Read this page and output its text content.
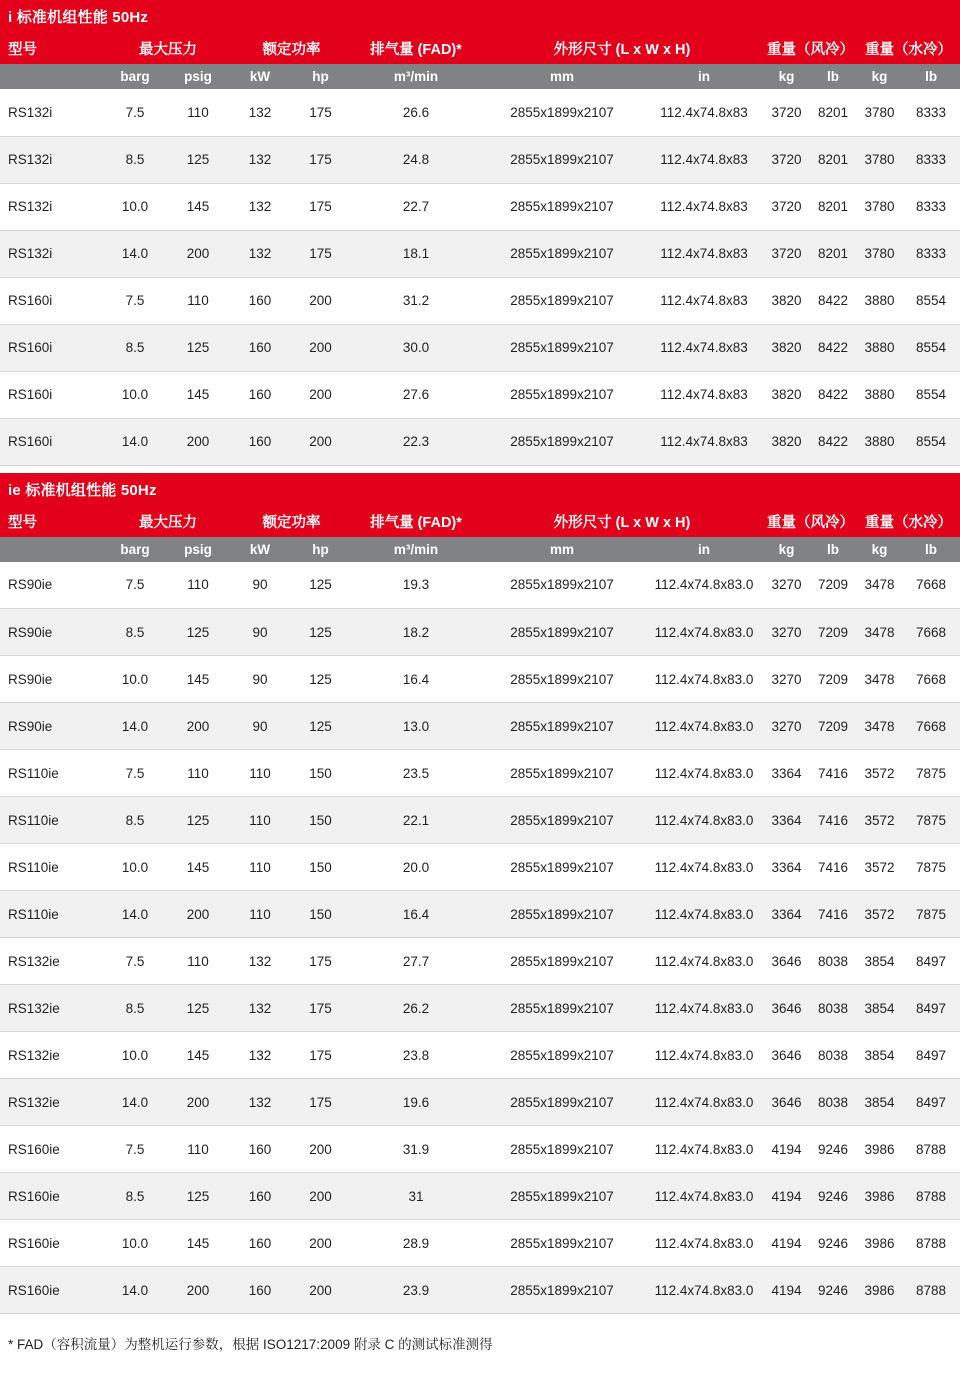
i 标准机组性能 50Hz											
型号	最大压力		额定功率		排气量 (FAD)*	外形尺寸 (L x W x H)		重量（风冷）		重量（水冷）	
	barg	psig	kW	hp	m³/min	mm	in	kg	lb	kg	lb
RS132i	7.5	110	132	175	26.6	2855x1899x2107	112.4x74.8x83	3720	8201	3780	8333
RS132i	8.5	125	132	175	24.8	2855x1899x2107	112.4x74.8x83	3720	8201	3780	8333
RS132i	10.0	145	132	175	22.7	2855x1899x2107	112.4x74.8x83	3720	8201	3780	8333
RS132i	14.0	200	132	175	18.1	2855x1899x2107	112.4x74.8x83	3720	8201	3780	8333
RS160i	7.5	110	160	200	31.2	2855x1899x2107	112.4x74.8x83	3820	8422	3880	8554
RS160i	8.5	125	160	200	30.0	2855x1899x2107	112.4x74.8x83	3820	8422	3880	8554
RS160i	10.0	145	160	200	27.6	2855x1899x2107	112.4x74.8x83	3820	8422	3880	8554
RS160i	14.0	200	160	200	22.3	2855x1899x2107	112.4x74.8x83	3820	8422	3880	8554
ie 标准机组性能 50Hz											
型号	最大压力		额定功率		排气量 (FAD)*	外形尺寸 (L x W x H)		重量（风冷）		重量（水冷）	
	barg	psig	kW	hp	m³/min	mm	in	kg	lb	kg	lb
RS90ie	7.5	110	90	125	19.3	2855x1899x2107	112.4x74.8x83.0	3270	7209	3478	7668
RS90ie	8.5	125	90	125	18.2	2855x1899x2107	112.4x74.8x83.0	3270	7209	3478	7668
RS90ie	10.0	145	90	125	16.4	2855x1899x2107	112.4x74.8x83.0	3270	7209	3478	7668
RS90ie	14.0	200	90	125	13.0	2855x1899x2107	112.4x74.8x83.0	3270	7209	3478	7668
RS110ie	7.5	110	110	150	23.5	2855x1899x2107	112.4x74.8x83.0	3364	7416	3572	7875
RS110ie	8.5	125	110	150	22.1	2855x1899x2107	112.4x74.8x83.0	3364	7416	3572	7875
RS110ie	10.0	145	110	150	20.0	2855x1899x2107	112.4x74.8x83.0	3364	7416	3572	7875
RS110ie	14.0	200	110	150	16.4	2855x1899x2107	112.4x74.8x83.0	3364	7416	3572	7875
RS132ie	7.5	110	132	175	27.7	2855x1899x2107	112.4x74.8x83.0	3646	8038	3854	8497
RS132ie	8.5	125	132	175	26.2	2855x1899x2107	112.4x74.8x83.0	3646	8038	3854	8497
RS132ie	10.0	145	132	175	23.8	2855x1899x2107	112.4x74.8x83.0	3646	8038	3854	8497
RS132ie	14.0	200	132	175	19.6	2855x1899x2107	112.4x74.8x83.0	3646	8038	3854	8497
RS160ie	7.5	110	160	200	31.9	2855x1899x2107	112.4x74.8x83.0	4194	9246	3986	8788
RS160ie	8.5	125	160	200	31	2855x1899x2107	112.4x74.8x83.0	4194	9246	3986	8788
RS160ie	10.0	145	160	200	28.9	2855x1899x2107	112.4x74.8x83.0	4194	9246	3986	8788
RS160ie	14.0	200	160	200	23.9	2855x1899x2107	112.4x74.8x83.0	4194	9246	3986	8788
* FAD（容积流量）为整机运行参数，根据 ISO1217:2009 附录 C 的测试标准测得
